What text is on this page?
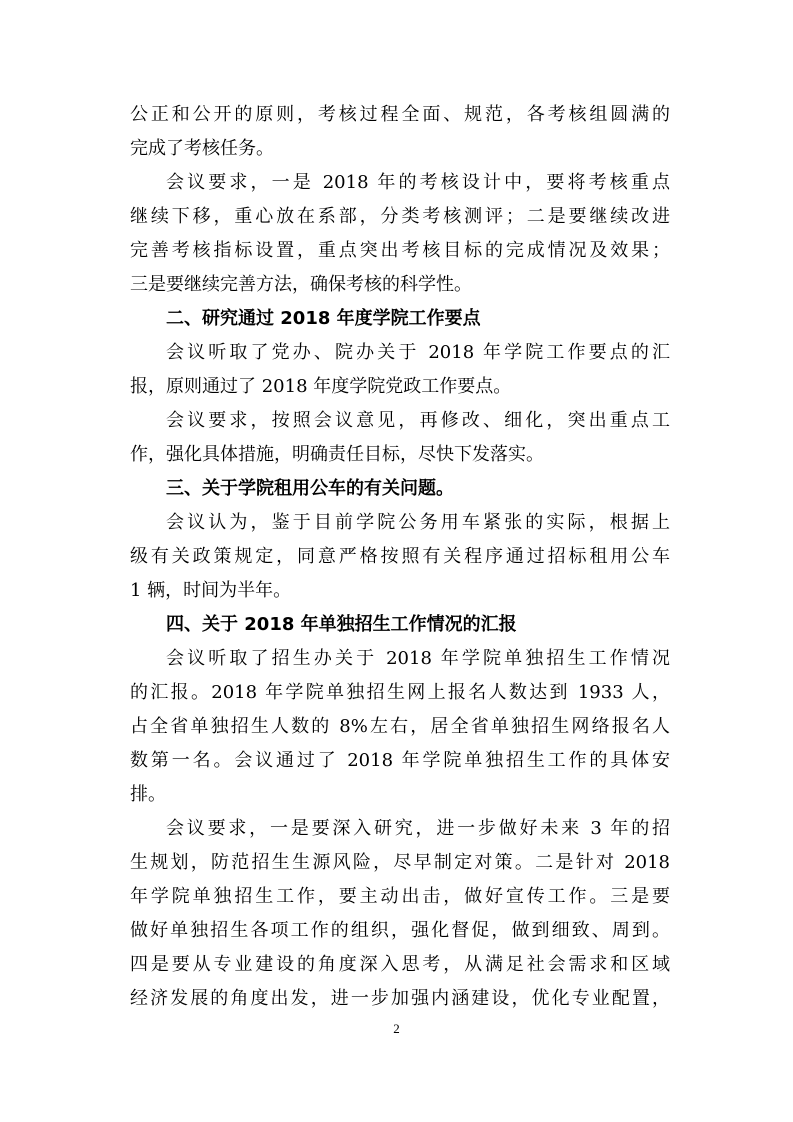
公正和公开的原则，考核过程全面、规范，各考核组圆满的
完成了考核任务。
会议要求，一是 2018 年的考核设计中，要将考核重点
继续下移，重心放在系部，分类考核测评；二是要继续改进
完善考核指标设置，重点突出考核目标的完成情况及效果；
三是要继续完善方法，确保考核的科学性。
二、研究通过 2018 年度学院工作要点
会议听取了党办、院办关于 2018 年学院工作要点的汇
报，原则通过了 2018 年度学院党政工作要点。
会议要求，按照会议意见，再修改、细化，突出重点工
作，强化具体措施，明确责任目标，尽快下发落实。
三、关于学院租用公车的有关问题。
会议认为，鉴于目前学院公务用车紧张的实际，根据上
级有关政策规定，同意严格按照有关程序通过招标租用公车
1 辆，时间为半年。
四、关于 2018 年单独招生工作情况的汇报
会议听取了招生办关于 2018 年学院单独招生工作情况
的汇报。2018 年学院单独招生网上报名人数达到 1933 人，
占全省单独招生人数的 8%左右，居全省单独招生网络报名人
数第一名。会议通过了 2018 年学院单独招生工作的具体安
排。
会议要求，一是要深入研究，进一步做好未来 3 年的招
生规划，防范招生生源风险，尽早制定对策。二是针对 2018
年学院单独招生工作，要主动出击，做好宣传工作。三是要
做好单独招生各项工作的组织，强化督促，做到细致、周到。
四是要从专业建设的角度深入思考，从满足社会需求和区域
经济发展的角度出发，进一步加强内涵建设，优化专业配置，
2
